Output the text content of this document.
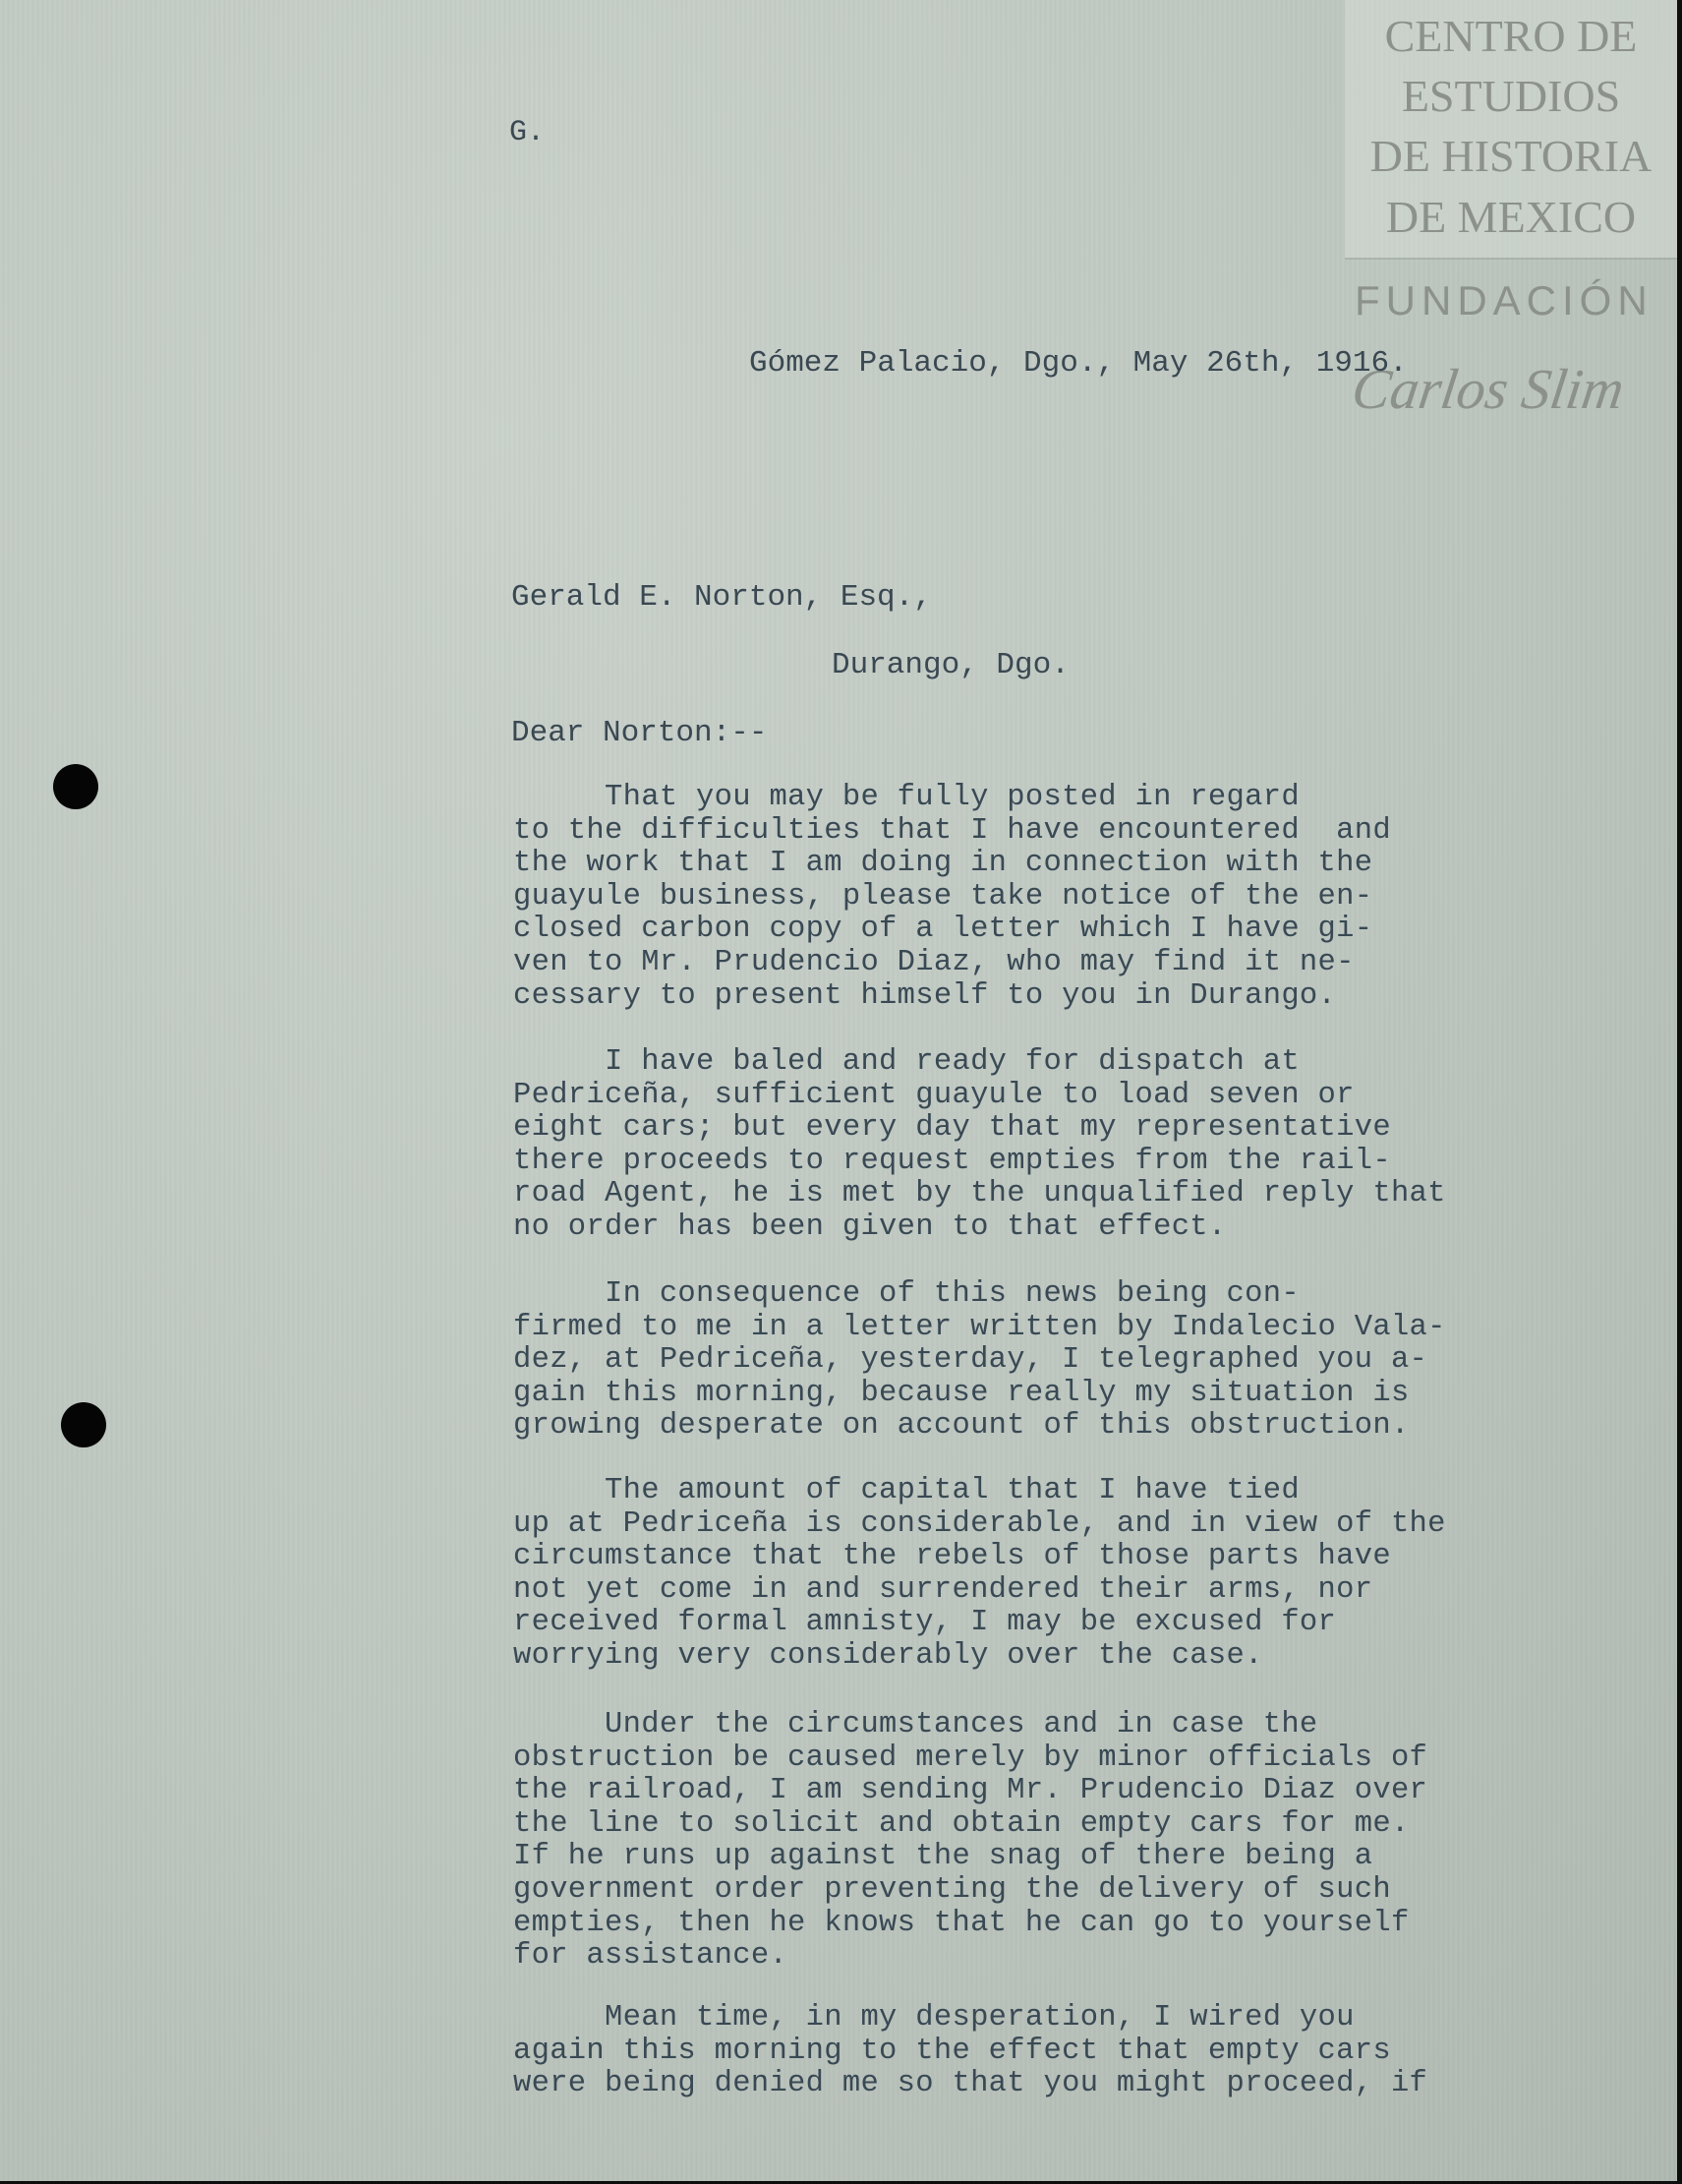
CENTRO DE
ESTUDIOS
DE HISTORIA
DE MEXICO
FUNDACIÓN
Carlos Slim
G.
Gómez Palacio, Dgo., May 26th, 1916.
Gerald E. Norton, Esq.,
Durango, Dgo.
Dear Norton:--
That you may be fully posted in regard
to the difficulties that I have encountered  and
the work that I am doing in connection with the
guayule business, please take notice of the en-
closed carbon copy of a letter which I have gi-
ven to Mr. Prudencio Diaz, who may find it ne-
cessary to present himself to you in Durango.
I have baled and ready for dispatch at
Pedriceña, sufficient guayule to load seven or
eight cars; but every day that my representative
there proceeds to request empties from the rail-
road Agent, he is met by the unqualified reply that
no order has been given to that effect.
In consequence of this news being con-
firmed to me in a letter written by Indalecio Vala-
dez, at Pedriceña, yesterday, I telegraphed you a-
gain this morning, because really my situation is
growing desperate on account of this obstruction.
The amount of capital that I have tied
up at Pedriceña is considerable, and in view of the
circumstance that the rebels of those parts have
not yet come in and surrendered their arms, nor
received formal amnisty, I may be excused for
worrying very considerably over the case.
Under the circumstances and in case the
obstruction be caused merely by minor officials of
the railroad, I am sending Mr. Prudencio Diaz over
the line to solicit and obtain empty cars for me.
If he runs up against the snag of there being a
government order preventing the delivery of such
empties, then he knows that he can go to yourself
for assistance.
Mean time, in my desperation, I wired you
again this morning to the effect that empty cars
were being denied me so that you might proceed, if
